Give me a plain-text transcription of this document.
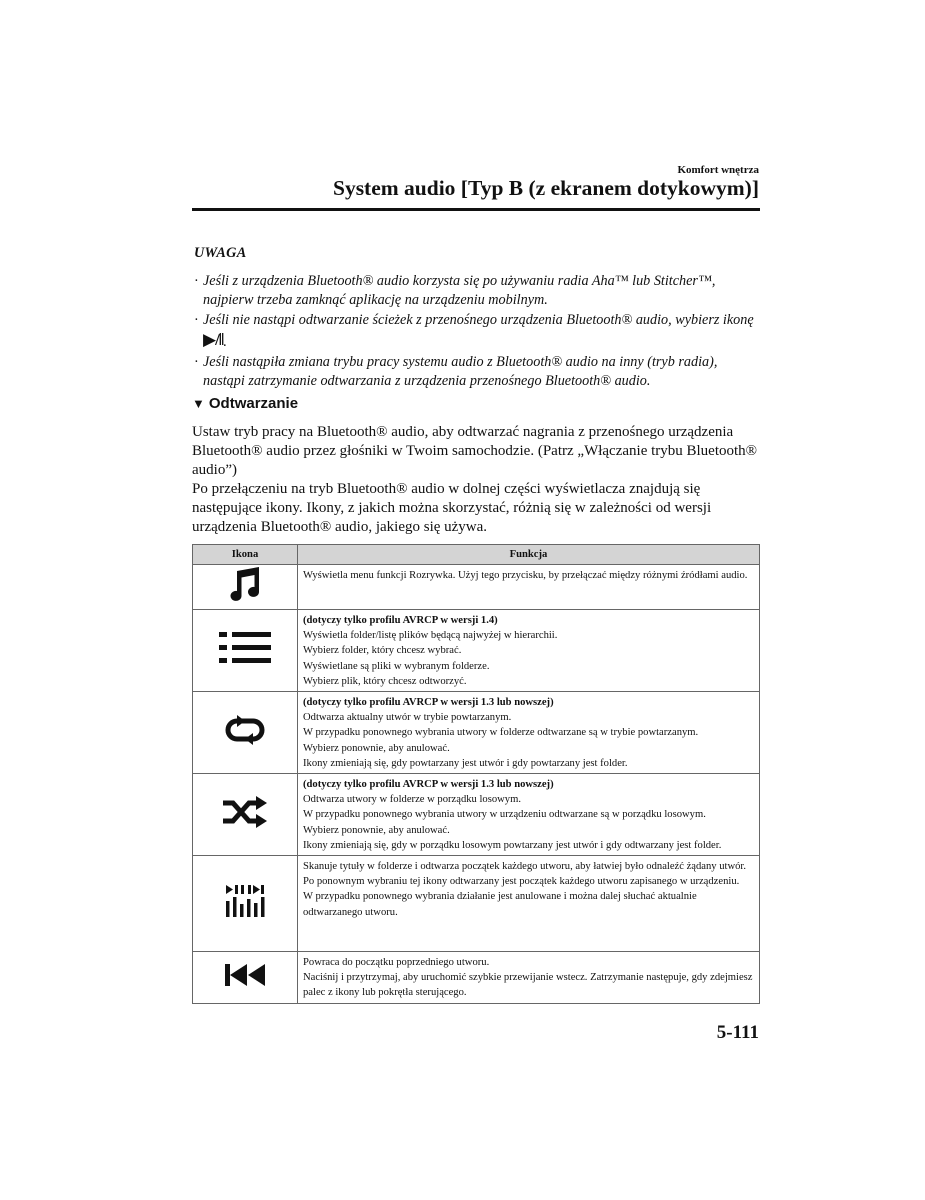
Komfort wnętrza
System audio [Typ B (z ekranem dotykowym)]
UWAGA
· Jeśli z urządzenia Bluetooth® audio korzysta się po używaniu radia Aha™ lub Stitcher™, najpierw trzeba zamknąć aplikację na urządzeniu mobilnym.
· Jeśli nie nastąpi odtwarzanie ścieżek z przenośnego urządzenia Bluetooth® audio, wybierz ikonę ▶/ǁ.
· Jeśli nastąpiła zmiana trybu pracy systemu audio z Bluetooth® audio na inny (tryb radia), nastąpi zatrzymanie odtwarzania z urządzenia przenośnego Bluetooth® audio.
▼ Odtwarzanie

Ustaw tryb pracy na Bluetooth® audio, aby odtwarzać nagrania z przenośnego urządzenia Bluetooth® audio przez głośniki w Twoim samochodzie. (Patrz „Włączanie trybu Bluetooth® audio”)

Po przełączeniu na tryb Bluetooth® audio w dolnej części wyświetlacza znajdują się następujące ikony. Ikony, z jakich można skorzystać, różnią się w zależności od wersji urządzenia Bluetooth® audio, jakiego się używa.

Ikona	Funkcja

Wyświetla menu funkcji Rozrywka. Użyj tego przycisku, by przełączać między różnymi źródłami audio.

(dotyczy tylko profilu AVRCP w wersji 1.4)
Wyświetla folder/listę plików będącą najwyżej w hierarchii.
Wybierz folder, który chcesz wybrać.
Wyświetlane są pliki w wybranym folderze.
Wybierz plik, który chcesz odtworzyć.

(dotyczy tylko profilu AVRCP w wersji 1.3 lub nowszej)
Odtwarza aktualny utwór w trybie powtarzanym.
W przypadku ponownego wybrania utwory w folderze odtwarzane są w trybie powtarzanym.
Wybierz ponownie, aby anulować.
Ikony zmieniają się, gdy powtarzany jest utwór i gdy powtarzany jest folder.

(dotyczy tylko profilu AVRCP w wersji 1.3 lub nowszej)
Odtwarza utwory w folderze w porządku losowym.
W przypadku ponownego wybrania utwory w urządzeniu odtwarzane są w porządku losowym.
Wybierz ponownie, aby anulować.
Ikony zmieniają się, gdy w porządku losowym powtarzany jest utwór i gdy odtwarzany jest folder.

Skanuje tytuły w folderze i odtwarza początek każdego utworu, aby łatwiej było odnaleźć żądany utwór.
Po ponownym wybraniu tej ikony odtwarzany jest początek każdego utworu zapisanego w urządzeniu.
W przypadku ponownego wybrania działanie jest anulowane i można dalej słuchać aktualnie odtwarzanego utworu.

Powraca do początku poprzedniego utworu.
Naciśnij i przytrzymaj, aby uruchomić szybkie przewijanie wstecz. Zatrzymanie następuje, gdy zdejmiesz palec z ikony lub pokrętła sterującego.
5-111
